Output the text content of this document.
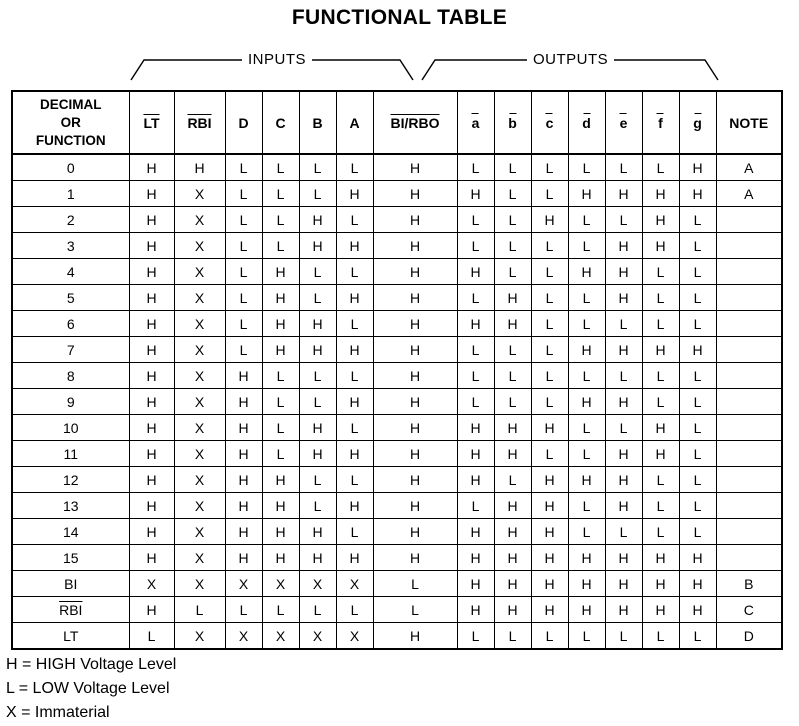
FUNCTIONAL TABLE
INPUTS	OUTPUTS
DECIMAL
OR
FUNCTION	$\overline{LT}$	$\overline{RBI}$	D	C	B	A	BI/RBO	a	b	c	d	e	f	g	NOTE
0	H	H	L	L	L	L	H	L	L	L	L	L	L	H	A
1	H	X	L	L	L	H	H	H	L	L	H	H	H	H	A
2	H	X	L	L	H	L	H	L	L	H	L	L	H	L	
3	H	X	L	L	H	H	H	L	L	L	L	H	H	L	
4	H	X	L	H	L	L	H	H	L	L	H	H	L	L	
5	H	X	L	H	L	H	H	L	H	L	L	H	L	L	
6	H	X	L	H	H	L	H	H	H	L	L	L	L	L	
7	H	X	L	H	H	H	H	L	L	L	H	H	H	H	
8	H	X	H	L	L	L	H	L	L	L	L	L	L	L	
9	H	X	H	L	L	H	H	L	L	L	H	H	L	L	
10	H	X	H	L	H	L	H	H	H	H	L	L	H	L	
11	H	X	H	L	H	H	H	H	H	L	L	H	H	L	
12	H	X	H	H	L	L	H	H	L	H	H	H	L	L	
13	H	X	H	H	L	H	H	L	H	H	L	H	L	L	
14	H	X	H	H	H	L	H	H	H	H	L	L	L	L	
15	H	X	H	H	H	H	H	H	H	H	H	H	H	H	
BI	X	X	X	X	X	X	L	H	H	H	H	H	H	H	B
$\overline{RBI}$	H	L	L	L	L	L	L	H	H	H	H	H	H	H	C
LT	L	X	X	X	X	X	H	L	L	L	L	L	L	L	D
H = HIGH Voltage Level
L = LOW Voltage Level
X = Immaterial
